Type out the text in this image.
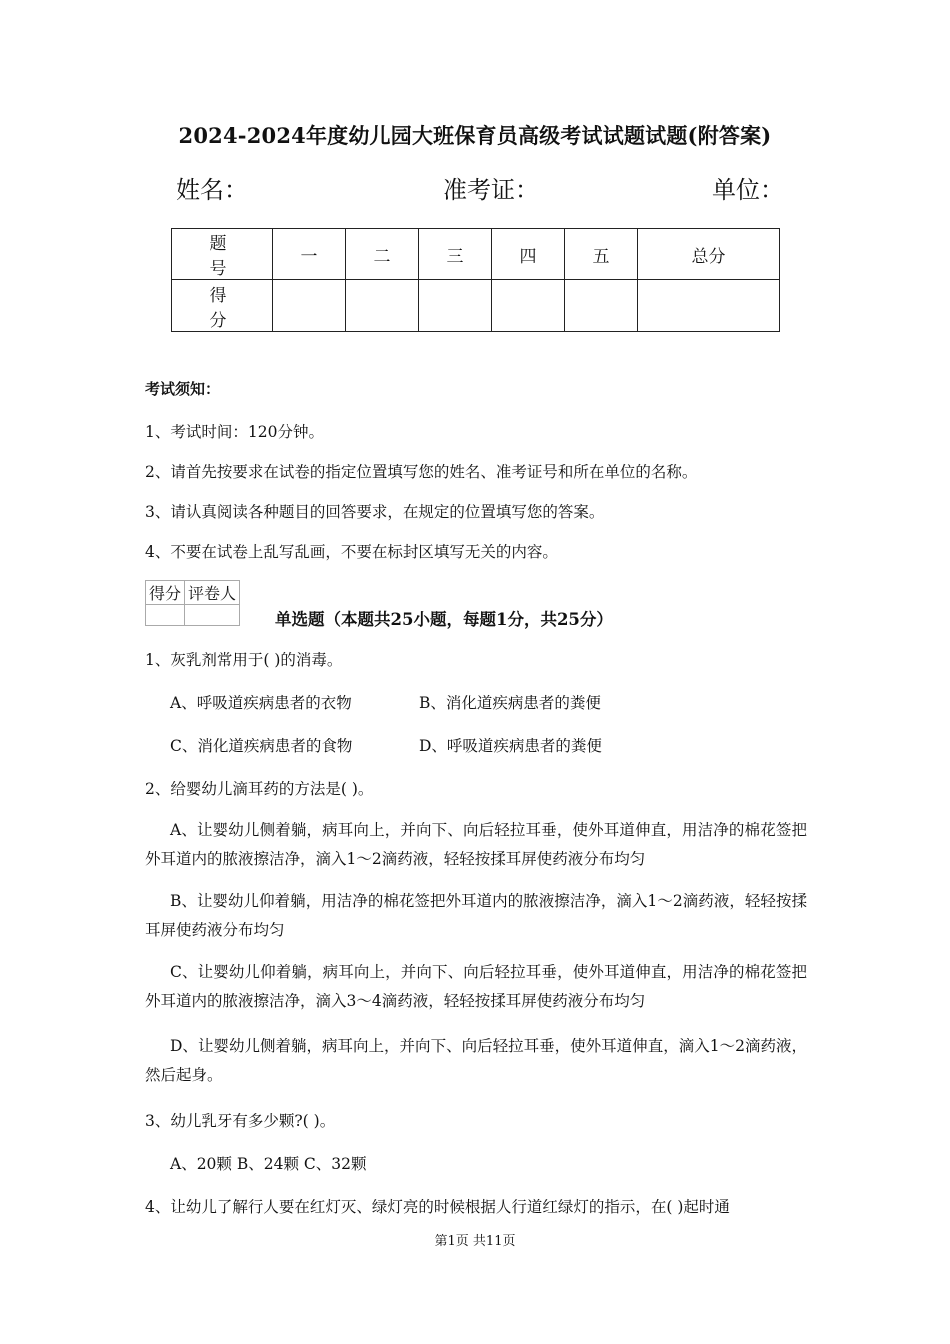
2024-2024年度幼儿园大班保育员高级考试试题试题(附答案)
姓名：	准考证：	单位：
题 号	一	二	三	四	五	总分
得 分						
考试须知：
1、考试时间：120分钟。
2、请首先按要求在试卷的指定位置填写您的姓名、准考证号和所在单位的名称。
3、请认真阅读各种题目的回答要求，在规定的位置填写您的答案。
4、不要在试卷上乱写乱画，不要在标封区填写无关的内容。
得分	评卷人

单选题（本题共25小题，每题1分，共25分）
1、灰乳剂常用于( )的消毒。
A、呼吸道疾病患者的衣物	B、消化道疾病患者的粪便
C、消化道疾病患者的食物	D、呼吸道疾病患者的粪便
2、给婴幼儿滴耳药的方法是( )。
A、让婴幼儿侧着躺，病耳向上，并向下、向后轻拉耳垂，使外耳道伸直，用洁净的棉花签把外耳道内的脓液擦洁净，滴入1～2滴药液，轻轻按揉耳屏使药液分布均匀
B、让婴幼儿仰着躺，用洁净的棉花签把外耳道内的脓液擦洁净，滴入1～2滴药液，轻轻按揉耳屏使药液分布均匀
C、让婴幼儿仰着躺，病耳向上，并向下、向后轻拉耳垂，使外耳道伸直，用洁净的棉花签把外耳道内的脓液擦洁净，滴入3～4滴药液，轻轻按揉耳屏使药液分布均匀
D、让婴幼儿侧着躺，病耳向上，并向下、向后轻拉耳垂，使外耳道伸直，滴入1～2滴药液，然后起身。
3、幼儿乳牙有多少颗?( )。
A、20颗 B、24颗 C、32颗
4、让幼儿了解行人要在红灯灭、绿灯亮的时候根据人行道红绿灯的指示，在( )起时通
第1页 共11页
